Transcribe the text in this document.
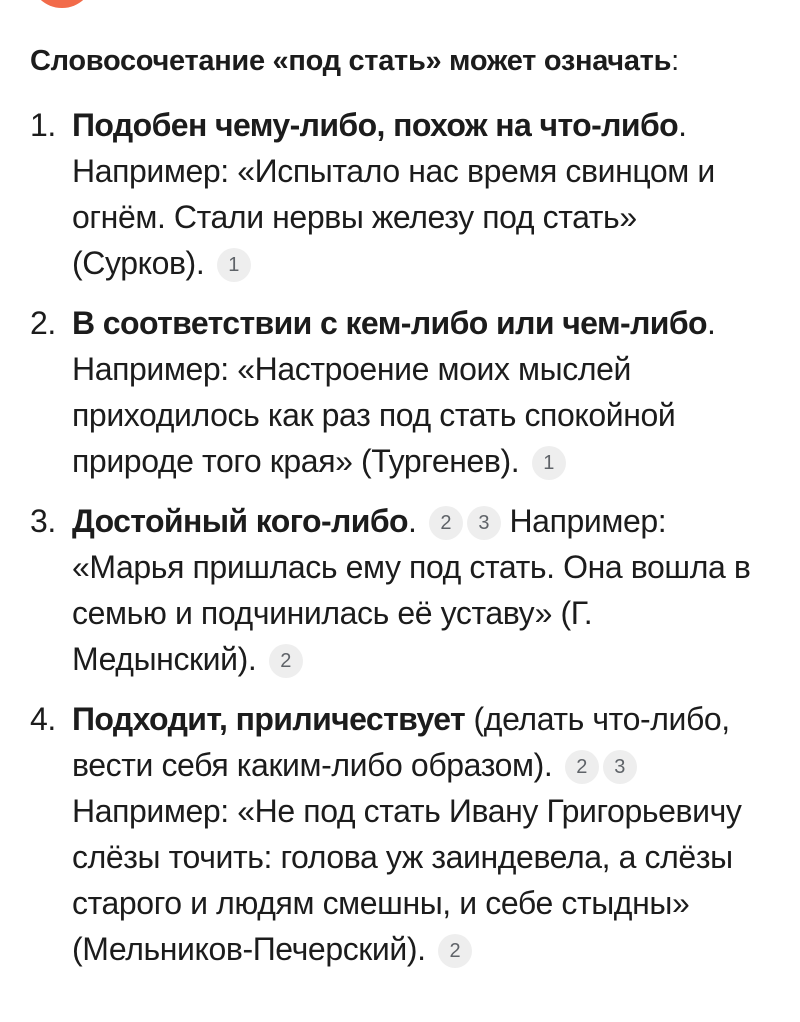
Словосочетание «под стать» может означать:

1. Подобен чему-либо, похож на что-либо. Например: «Испытало нас время свинцом и огнём. Стали нервы железу под стать» (Сурков). 1
2. В соответствии с кем-либо или чем-либо. Например: «Настроение моих мыслей приходилось как раз под стать спокойной природе того края» (Тургенев). 1
3. Достойный кого-либо. 2 3 Например: «Марья пришлась ему под стать. Она вошла в семью и подчинилась её уставу» (Г. Медынский). 2
4. Подходит, приличествует (делать что-либо, вести себя каким-либо образом). 2 3 Например: «Не под стать Ивану Григорьевичу слёзы точить: голова уж заиндевела, а слёзы старого и людям смешны, и себе стыдны» (Мельников-Печерский). 2
